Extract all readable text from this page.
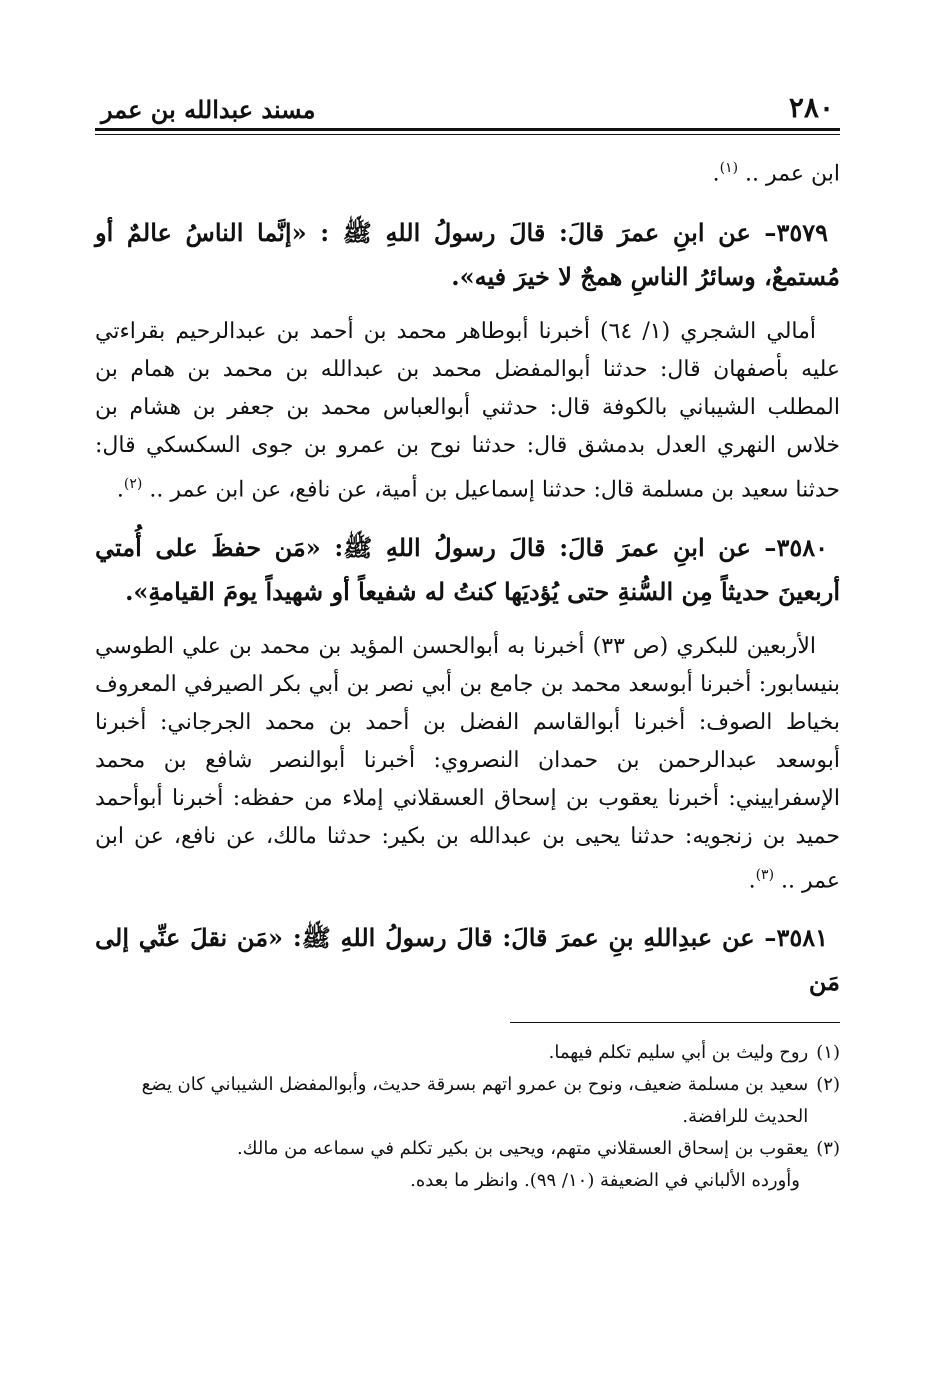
٢٨٠
مسند عبدالله بن عمر

ابن عمر .. $^{(١)}$.

٣٥٧٩– عن ابنِ عمرَ قالَ: قالَ رسولُ اللهِ ﷺ : «إنَّما الناسُ عالمٌ أو مُستمعٌ، وسائرُ الناسِ همجٌ لا خيرَ فيه».

أمالي الشجري (١/ ٦٤) أخبرنا أبوطاهر محمد بن أحمد بن عبدالرحيم بقراءتي عليه بأصفهان قال: حدثنا أبوالمفضل محمد بن عبدالله بن محمد بن همام بن المطلب الشيباني بالكوفة قال: حدثني أبوالعباس محمد بن جعفر بن هشام بن خلاس النهري العدل بدمشق قال: حدثنا نوح بن عمرو بن جوى السكسكي قال: حدثنا سعيد بن مسلمة قال: حدثنا إسماعيل بن أمية، عن نافع، عن ابن عمر .. $^{(٢)}$.

٣٥٨٠– عن ابنِ عمرَ قالَ: قالَ رسولُ اللهِ ﷺ: «مَن حفظَ على أُمتي أربعينَ حديثاً مِن السُّنةِ حتى يُؤديَها كنتُ له شفيعاً أو شهيداً يومَ القيامةِ».

الأربعين للبكري (ص ٣٣) أخبرنا به أبوالحسن المؤيد بن محمد بن علي الطوسي بنيسابور: أخبرنا أبوسعد محمد بن جامع بن أبي نصر بن أبي بكر الصيرفي المعروف بخياط الصوف: أخبرنا أبوالقاسم الفضل بن أحمد بن محمد الجرجاني: أخبرنا أبوسعد عبدالرحمن بن حمدان النصروي: أخبرنا أبوالنصر شافع بن محمد الإسفراييني: أخبرنا يعقوب بن إسحاق العسقلاني إملاء من حفظه: أخبرنا أبوأحمد حميد بن زنجويه: حدثنا يحيى بن عبدالله بن بكير: حدثنا مالك، عن نافع، عن ابن عمر .. $^{(٣)}$.

٣٥٨١– عن عبدِاللهِ بنِ عمرَ قالَ: قالَ رسولُ اللهِ ﷺ: «مَن نقلَ عنِّي إلى مَن

(١)
روح وليث بن أبي سليم تكلم فيهما.
(٢)
سعيد بن مسلمة ضعيف، ونوح بن عمرو اتهم بسرقة حديث، وأبوالمفضل الشيباني كان يضع الحديث للرافضة.
(٣)
يعقوب بن إسحاق العسقلاني متهم، ويحيى بن بكير تكلم في سماعه من مالك.
وأورده الألباني في الضعيفة (١٠/ ٩٩). وانظر ما بعده.
